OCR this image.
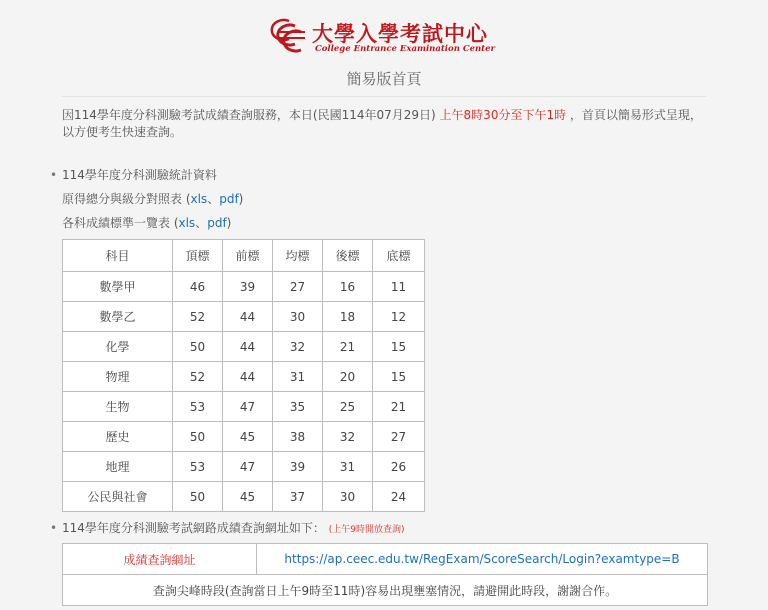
大學入學考試中心
College Entrance Examination Center
簡易版首頁
因114學年度分科測驗考試成績查詢服務，本日(民國114年07月29日) 上午8時30分至下午1時 ，首頁以簡易形式呈現，以方便考生快速查詢。
• 114學年度分科測驗統計資料
原得總分與級分對照表 (xls、pdf)
各科成績標準一覽表 (xls、pdf)
科目	頂標	前標	均標	後標	底標
數學甲	46	39	27	16	11
數學乙	52	44	30	18	12
化學	50	44	32	21	15
物理	52	44	31	20	15
生物	53	47	35	25	21
歷史	50	45	38	32	27
地理	53	47	39	31	26
公民與社會	50	45	37	30	24
• 114學年度分科測驗考試網路成績查詢網址如下： (上午9時開放查詢)
成績查詢網址	https://ap.ceec.edu.tw/RegExam/ScoreSearch/Login?examtype=B
查詢尖峰時段(查詢當日上午9時至11時)容易出現壅塞情況，請避開此時段，謝謝合作。
